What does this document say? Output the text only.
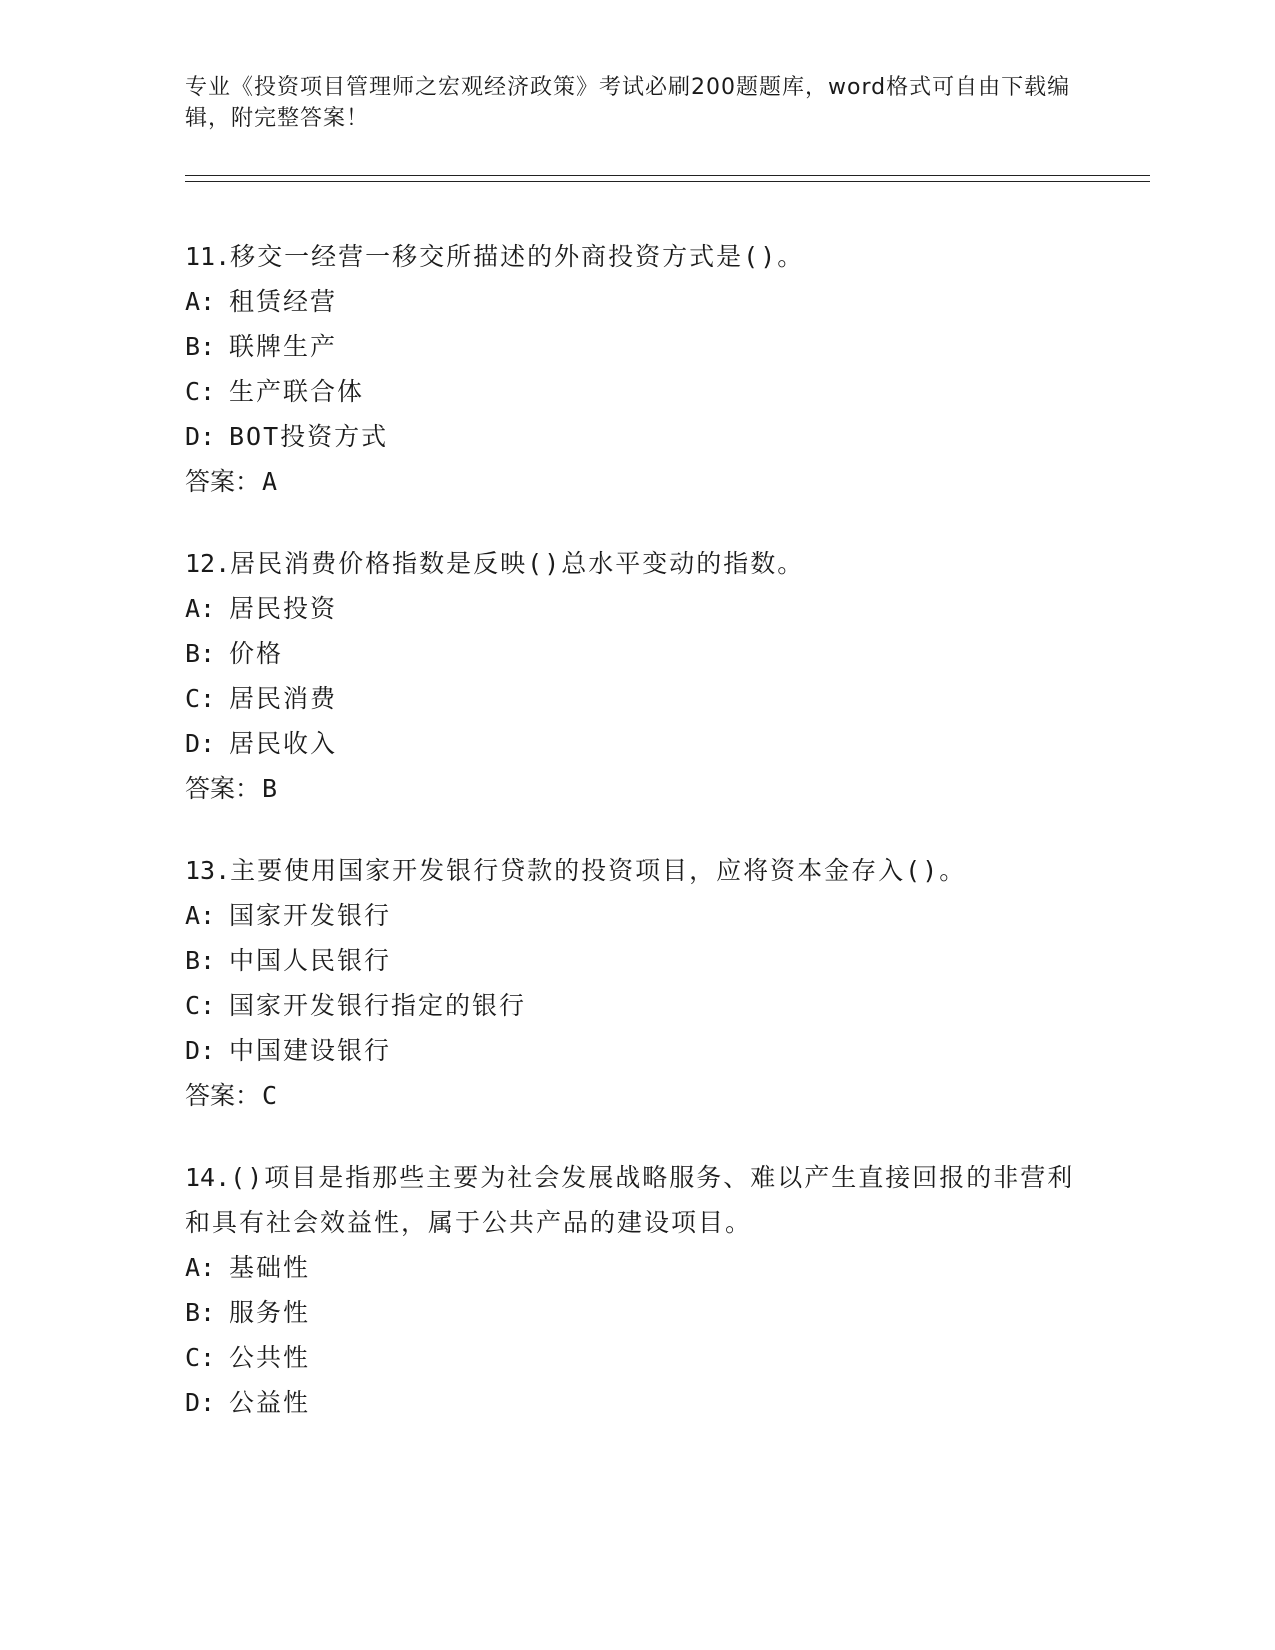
专业《投资项目管理师之宏观经济政策》考试必刷200题题库，word格式可自由下载编辑，附完整答案！

11.移交一经营一移交所描述的外商投资方式是()。

A: 租赁经营

B: 联牌生产

C: 生产联合体

D: BOT投资方式

答案：A

12.居民消费价格指数是反映()总水平变动的指数。

A: 居民投资

B: 价格

C: 居民消费

D: 居民收入

答案：B

13.主要使用国家开发银行贷款的投资项目，应将资本金存入()。

A: 国家开发银行

B: 中国人民银行

C: 国家开发银行指定的银行

D: 中国建设银行

答案：C

14.()项目是指那些主要为社会发展战略服务、难以产生直接回报的非营利和具有社会效益性，属于公共产品的建设项目。

A: 基础性

B: 服务性

C: 公共性

D: 公益性
